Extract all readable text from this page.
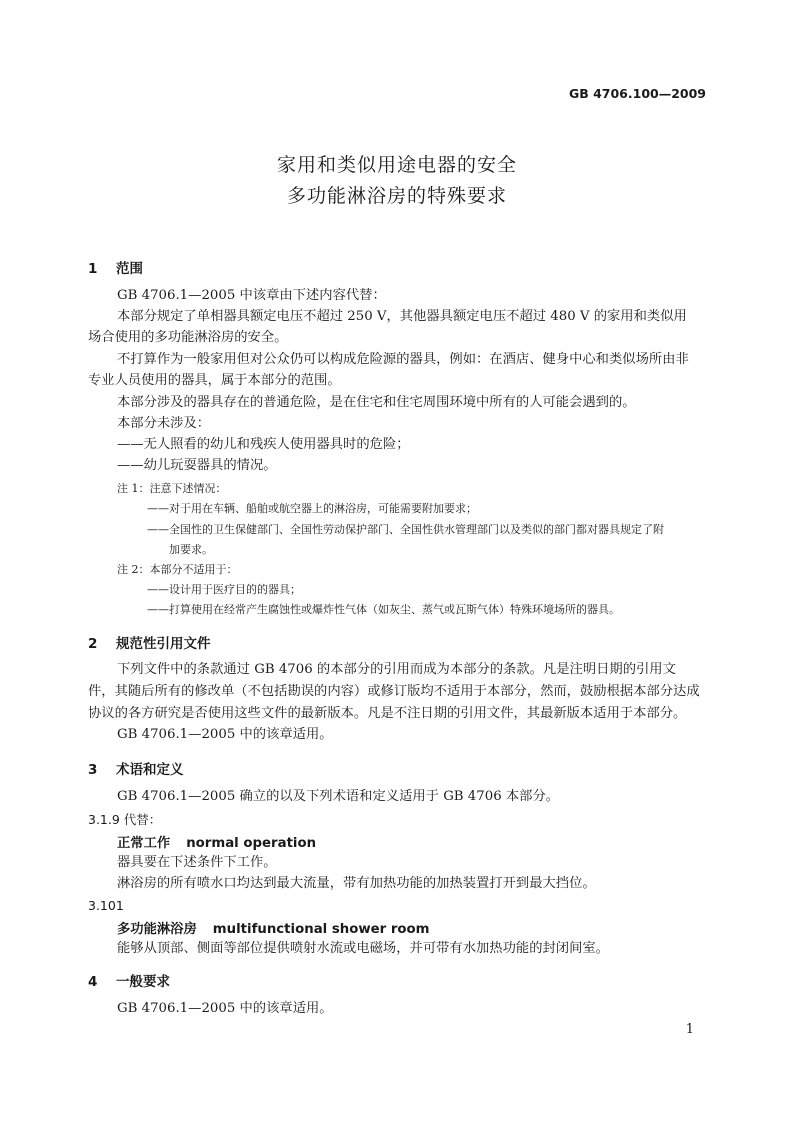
GB 4706.100—2009
家用和类似用途电器的安全
多功能淋浴房的特殊要求
1 范围
GB 4706.1—2005 中该章由下述内容代替：
本部分规定了单相器具额定电压不超过 250 V，其他器具额定电压不超过 480 V 的家用和类似用
场合使用的多功能淋浴房的安全。
不打算作为一般家用但对公众仍可以构成危险源的器具，例如：在酒店、健身中心和类似场所由非
专业人员使用的器具，属于本部分的范围。
本部分涉及的器具存在的普通危险，是在住宅和住宅周围环境中所有的人可能会遇到的。
本部分未涉及：
——无人照看的幼儿和残疾人使用器具时的危险；
——幼儿玩耍器具的情况。
注 1：注意下述情况：
——对于用在车辆、船舶或航空器上的淋浴房，可能需要附加要求；
——全国性的卫生保健部门、全国性劳动保护部门、全国性供水管理部门以及类似的部门都对器具规定了附
加要求。
注 2：本部分不适用于：
——设计用于医疗目的的器具；
——打算使用在经常产生腐蚀性或爆炸性气体（如灰尘、蒸气或瓦斯气体）特殊环境场所的器具。
2 规范性引用文件
下列文件中的条款通过 GB 4706 的本部分的引用而成为本部分的条款。凡是注明日期的引用文
件，其随后所有的修改单（不包括勘误的内容）或修订版均不适用于本部分，然而，鼓励根据本部分达成
协议的各方研究是否使用这些文件的最新版本。凡是不注日期的引用文件，其最新版本适用于本部分。
GB 4706.1—2005 中的该章适用。
3 术语和定义
GB 4706.1—2005 确立的以及下列术语和定义适用于 GB 4706 本部分。
3.1.9 代替：
正常工作 normal operation
器具要在下述条件下工作。
淋浴房的所有喷水口均达到最大流量，带有加热功能的加热装置打开到最大挡位。
3.101
多功能淋浴房 multifunctional shower room
能够从顶部、侧面等部位提供喷射水流或电磁场，并可带有水加热功能的封闭间室。
4 一般要求
GB 4706.1—2005 中的该章适用。
1
